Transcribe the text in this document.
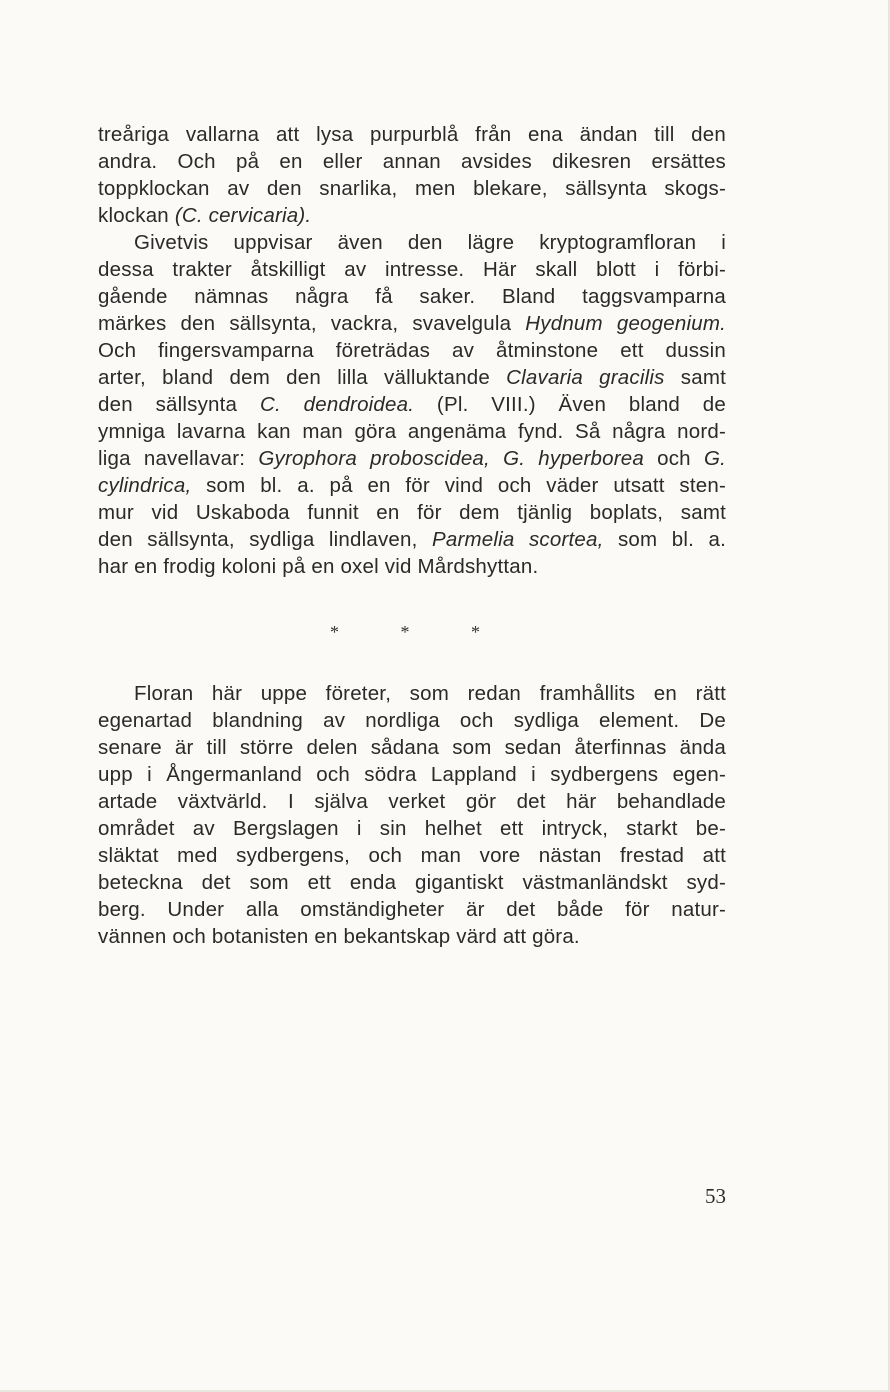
treåriga vallarna att lysa purpurblå från ena ändan till den
andra. Och på en eller annan avsides dikesren ersättes
toppklockan av den snarlika, men blekare, sällsynta skogs-
klockan (C. cervicaria).
Givetvis uppvisar även den lägre kryptogramfloran i
dessa trakter åtskilligt av intresse. Här skall blott i förbi-
gående nämnas några få saker. Bland taggsvamparna
märkes den sällsynta, vackra, svavelgula Hydnum geogenium.
Och fingersvamparna företrädas av åtminstone ett dussin
arter, bland dem den lilla välluktande Clavaria gracilis samt
den sällsynta C. dendroidea. (Pl. VIII.) Även bland de
ymniga lavarna kan man göra angenäma fynd. Så några nord-
liga navellavar: Gyrophora proboscidea, G. hyperborea och G.
cylindrica, som bl. a. på en för vind och väder utsatt sten-
mur vid Uskaboda funnit en för dem tjänlig boplats, samt
den sällsynta, sydliga lindlaven, Parmelia scortea, som bl. a.
har en frodig koloni på en oxel vid Mårdshyttan.
*	*	*
Floran här uppe företer, som redan framhållits en rätt
egenartad blandning av nordliga och sydliga element. De
senare är till större delen sådana som sedan återfinnas ända
upp i Ångermanland och södra Lappland i sydbergens egen-
artade växtvärld. I själva verket gör det här behandlade
området av Bergslagen i sin helhet ett intryck, starkt be-
släktat med sydbergens, och man vore nästan frestad att
beteckna det som ett enda gigantiskt västmanländskt syd-
berg. Under alla omständigheter är det både för natur-
vännen och botanisten en bekantskap värd att göra.
53
